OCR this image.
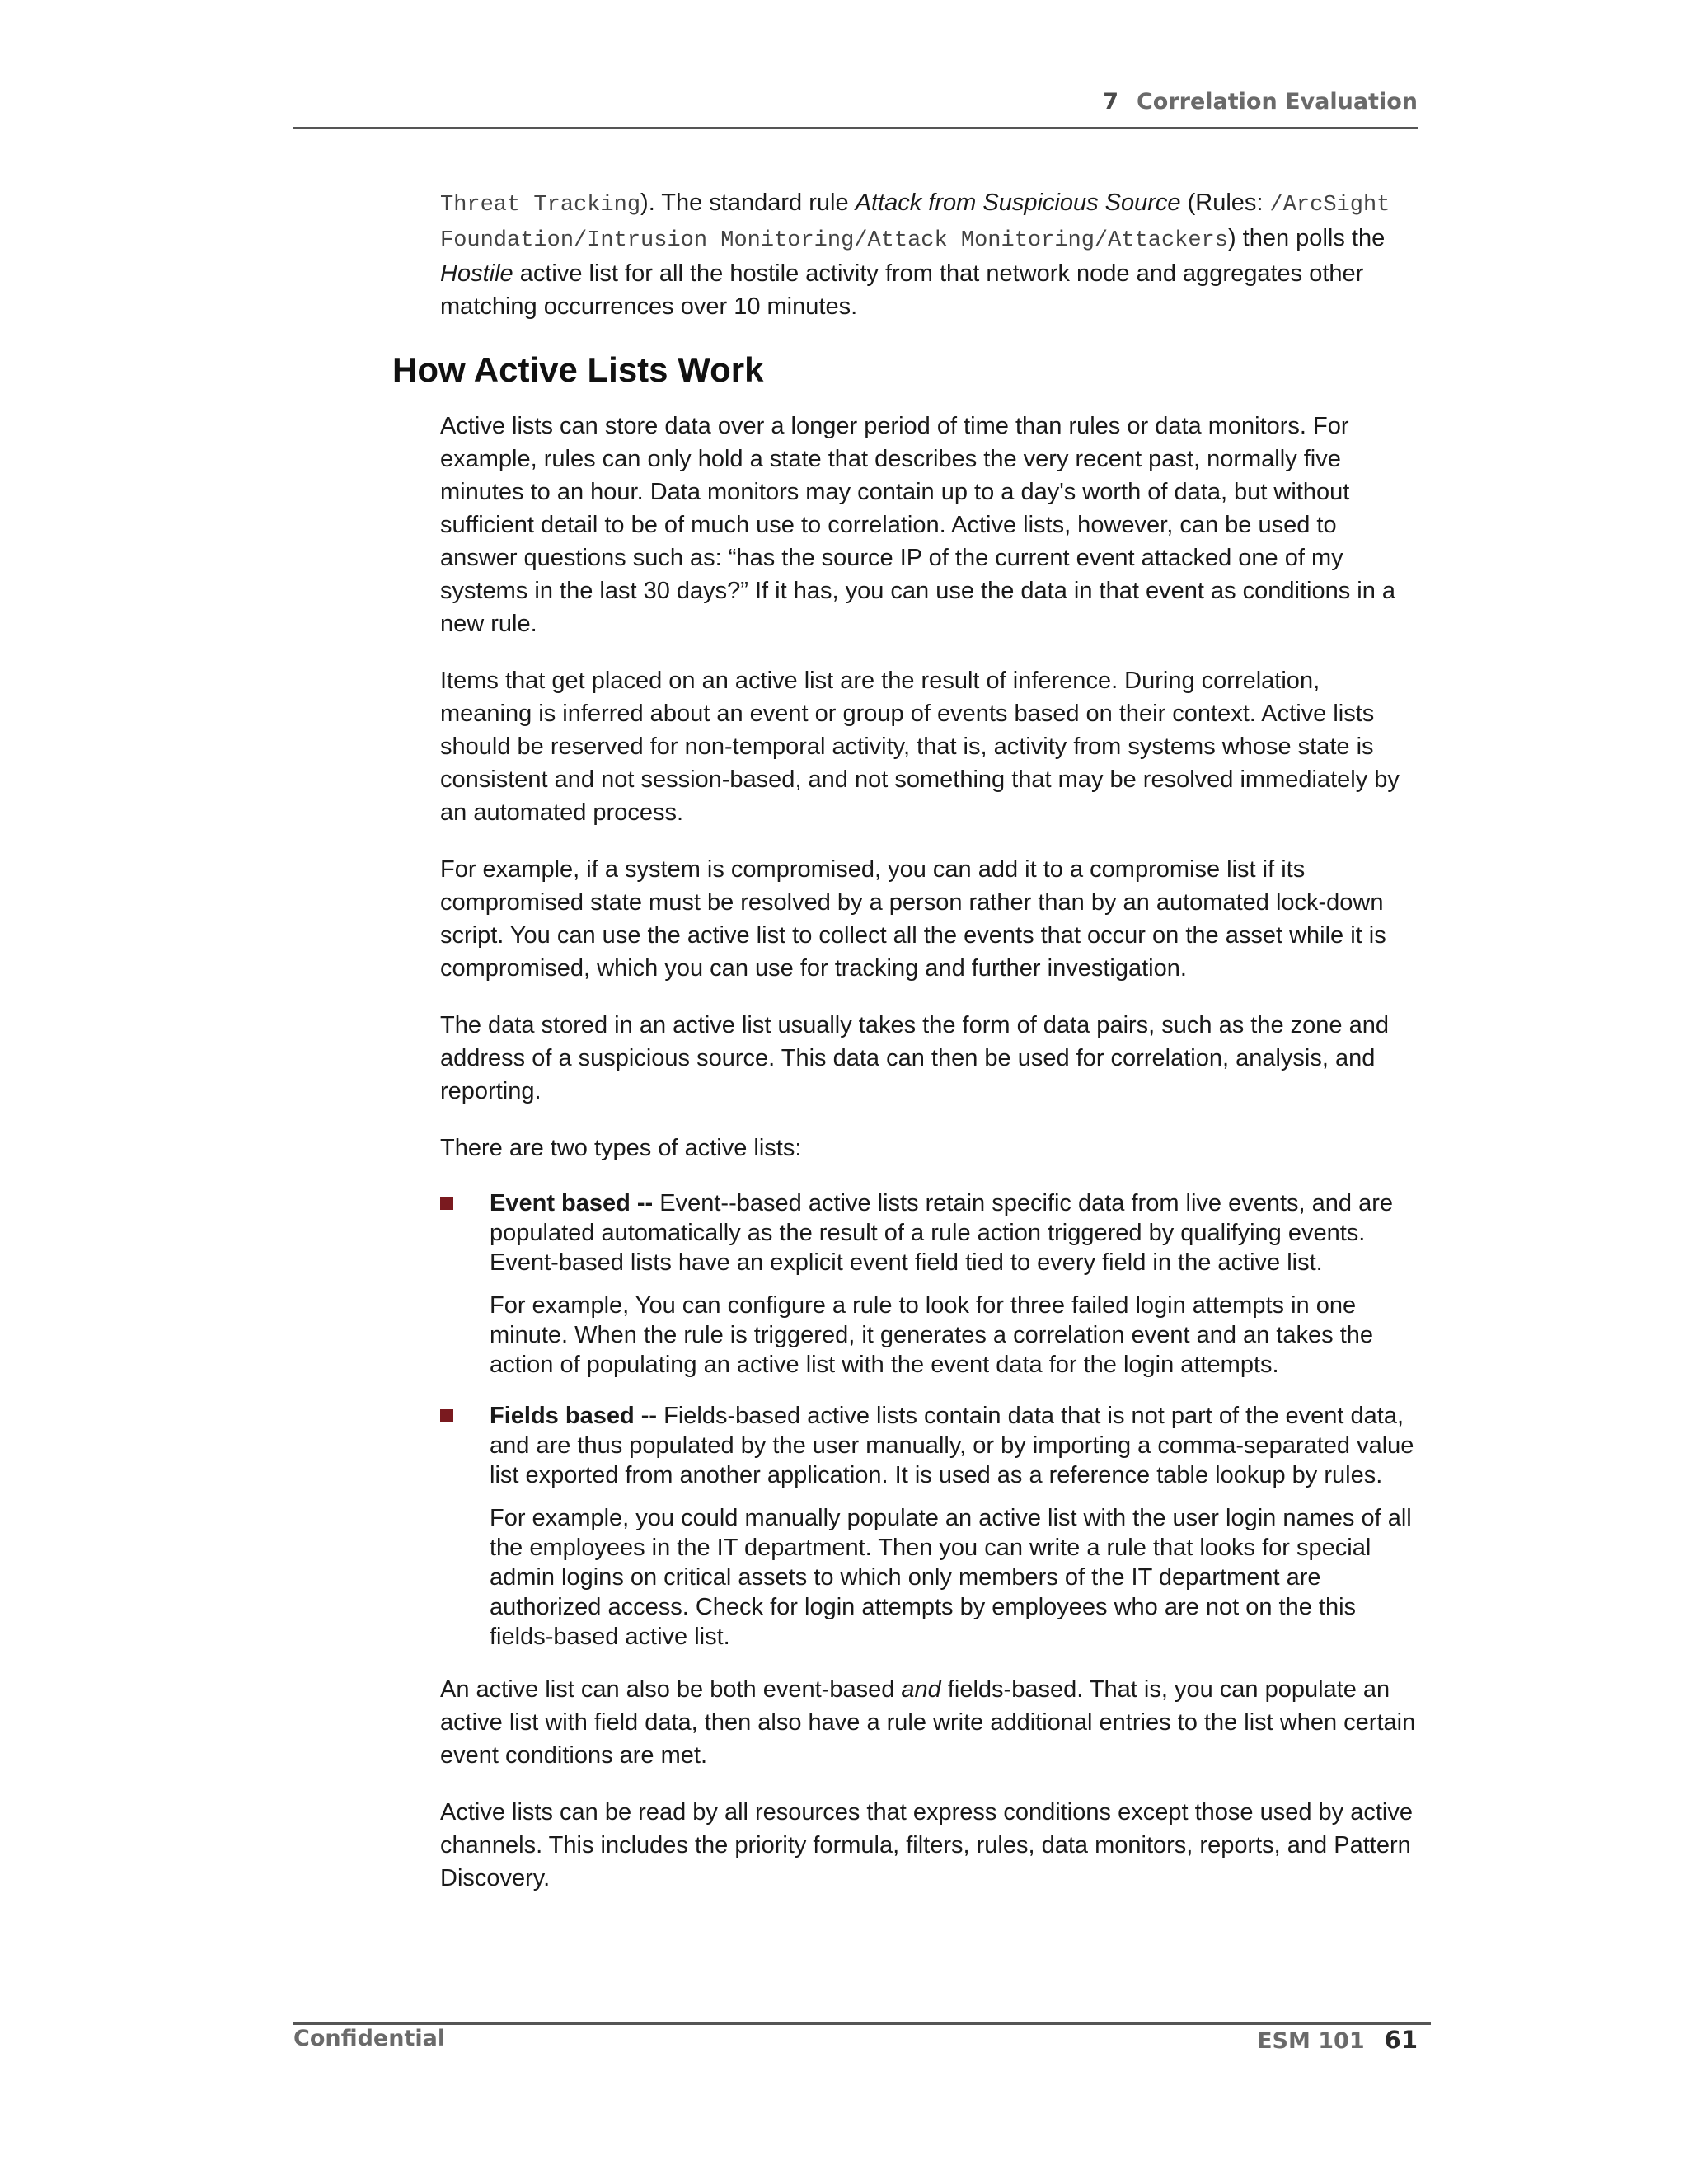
7 Correlation Evaluation

Threat Tracking). The standard rule Attack from Suspicious Source (Rules: /ArcSight Foundation/Intrusion Monitoring/Attack Monitoring/Attackers) then polls the Hostile active list for all the hostile activity from that network node and aggregates other matching occurrences over 10 minutes.

How Active Lists Work

Active lists can store data over a longer period of time than rules or data monitors. For example, rules can only hold a state that describes the very recent past, normally five minutes to an hour. Data monitors may contain up to a day's worth of data, but without sufficient detail to be of much use to correlation. Active lists, however, can be used to answer questions such as: “has the source IP of the current event attacked one of my systems in the last 30 days?” If it has, you can use the data in that event as conditions in a new rule.

Items that get placed on an active list are the result of inference. During correlation, meaning is inferred about an event or group of events based on their context. Active lists should be reserved for non-temporal activity, that is, activity from systems whose state is consistent and not session-based, and not something that may be resolved immediately by an automated process.

For example, if a system is compromised, you can add it to a compromise list if its compromised state must be resolved by a person rather than by an automated lock-down script. You can use the active list to collect all the events that occur on the asset while it is compromised, which you can use for tracking and further investigation.

The data stored in an active list usually takes the form of data pairs, such as the zone and address of a suspicious source. This data can then be used for correlation, analysis, and reporting.

There are two types of active lists:

Event based -- Event--based active lists retain specific data from live events, and are populated automatically as the result of a rule action triggered by qualifying events. Event-based lists have an explicit event field tied to every field in the active list.

For example, You can configure a rule to look for three failed login attempts in one minute. When the rule is triggered, it generates a correlation event and an takes the action of populating an active list with the event data for the login attempts.

Fields based -- Fields-based active lists contain data that is not part of the event data, and are thus populated by the user manually, or by importing a comma-separated value list exported from another application. It is used as a reference table lookup by rules.

For example, you could manually populate an active list with the user login names of all the employees in the IT department. Then you can write a rule that looks for special admin logins on critical assets to which only members of the IT department are authorized access. Check for login attempts by employees who are not on the this fields-based active list.

An active list can also be both event-based and fields-based. That is, you can populate an active list with field data, then also have a rule write additional entries to the list when certain event conditions are met.

Active lists can be read by all resources that express conditions except those used by active channels. This includes the priority formula, filters, rules, data monitors, reports, and Pattern Discovery.

Confidential	ESM 101 61
